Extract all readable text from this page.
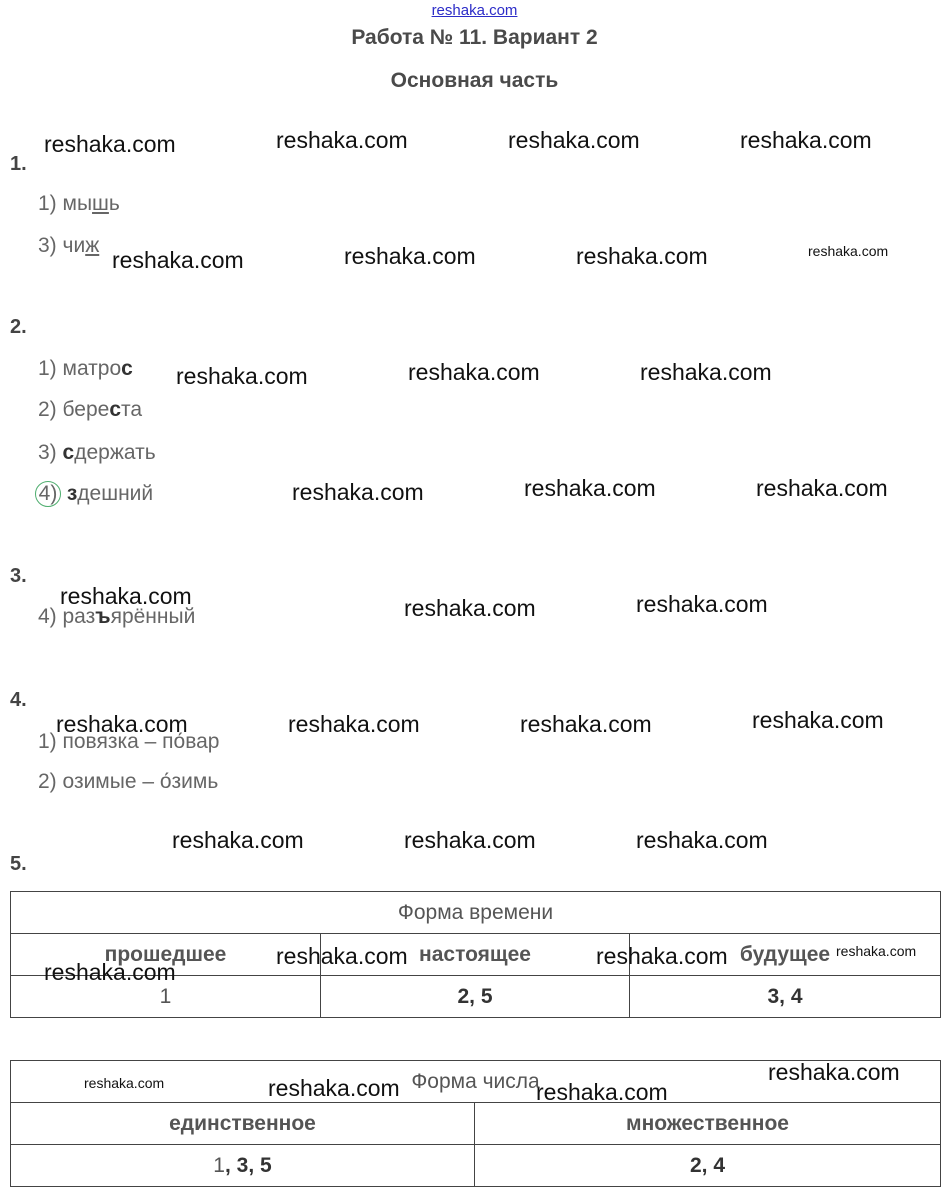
reshaka.com
Работа № 11. Вариант 2
Основная часть
1.
1) мышь
3) чиж
2.
1) матрос
2) береста
3) сдержать
4) здешний
3.
4) разъярённый
4.
1) повязка – по́вар
2) озимые – о́зимь
5.
Форма времени		
прошедшее	настоящее	будущее
1	2, 5	3, 4
Форма числа	
единственное	множественное
1, 3, 5	2, 4
reshaka.com	reshaka.com	reshaka.com	reshaka.com
reshaka.com	reshaka.com	reshaka.com	reshaka.com
reshaka.com	reshaka.com	reshaka.com
reshaka.com	reshaka.com	reshaka.com
reshaka.com	reshaka.com	reshaka.com
reshaka.com	reshaka.com	reshaka.com	reshaka.com
reshaka.com	reshaka.com	reshaka.com
reshaka.com
reshaka.com	reshaka.com	reshaka.com
reshaka.com	reshaka.com	reshaka.com
reshaka.com
